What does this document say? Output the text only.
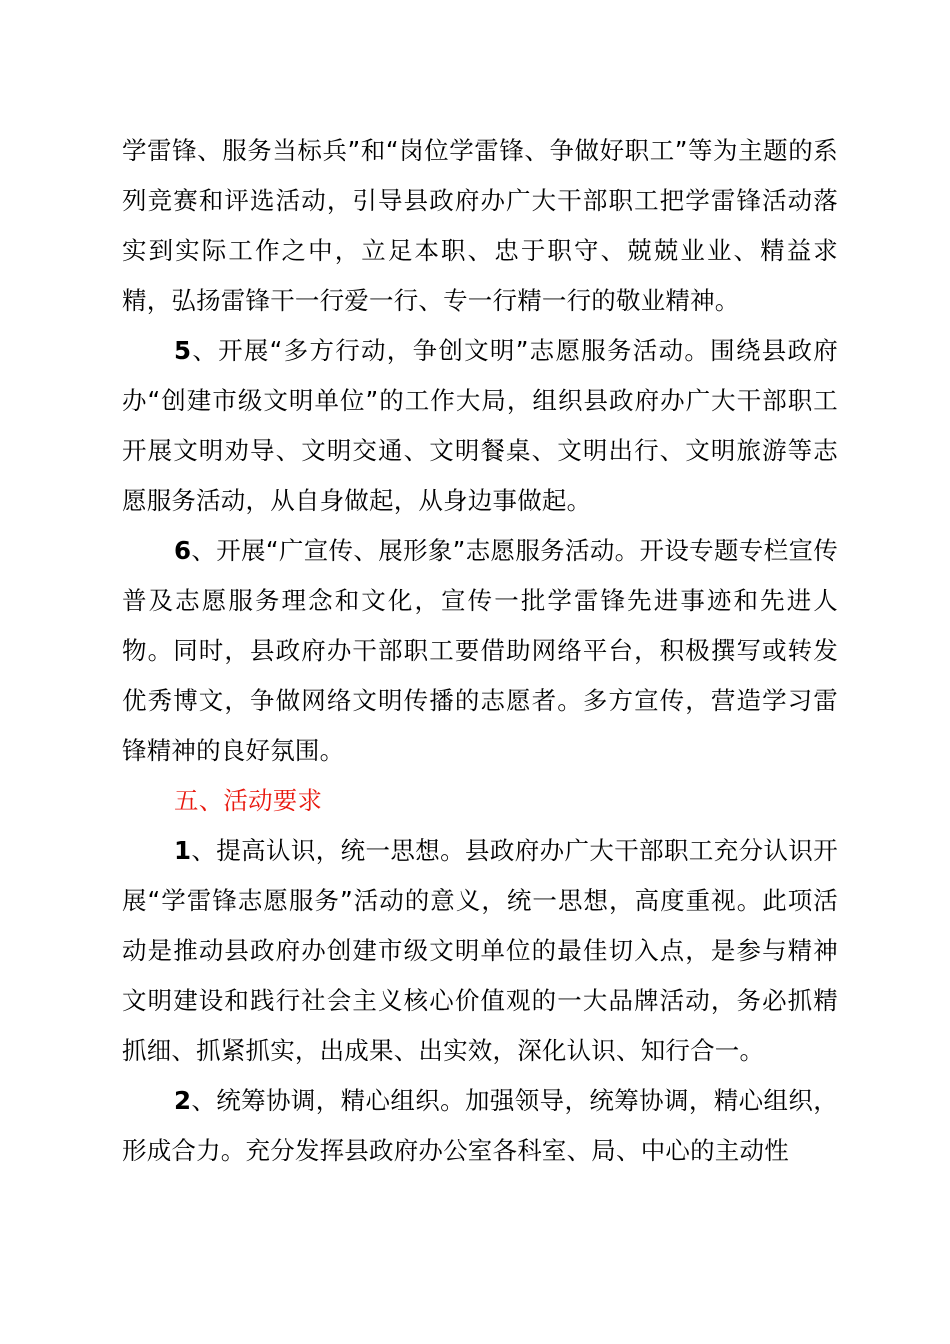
学雷锋、服务当标兵”和“岗位学雷锋、争做好职工”等为主题的系列竞赛和评选活动，引导县政府办广大干部职工把学雷锋活动落实到实际工作之中，立足本职、忠于职守、兢兢业业、精益求精，弘扬雷锋干一行爱一行、专一行精一行的敬业精神。

5、开展“多方行动，争创文明”志愿服务活动。围绕县政府办“创建市级文明单位”的工作大局，组织县政府办广大干部职工开展文明劝导、文明交通、文明餐桌、文明出行、文明旅游等志愿服务活动，从自身做起，从身边事做起。

6、开展“广宣传、展形象”志愿服务活动。开设专题专栏宣传普及志愿服务理念和文化，宣传一批学雷锋先进事迹和先进人物。同时，县政府办干部职工要借助网络平台，积极撰写或转发优秀博文，争做网络文明传播的志愿者。多方宣传，营造学习雷锋精神的良好氛围。

五、活动要求

1、提高认识，统一思想。县政府办广大干部职工充分认识开展“学雷锋志愿服务”活动的意义，统一思想，高度重视。此项活动是推动县政府办创建市级文明单位的最佳切入点，是参与精神文明建设和践行社会主义核心价值观的一大品牌活动，务必抓精抓细、抓紧抓实，出成果、出实效，深化认识、知行合一。

2、统筹协调，精心组织。加强领导，统筹协调，精心组织，形成合力。充分发挥县政府办公室各科室、局、中心的主动性
